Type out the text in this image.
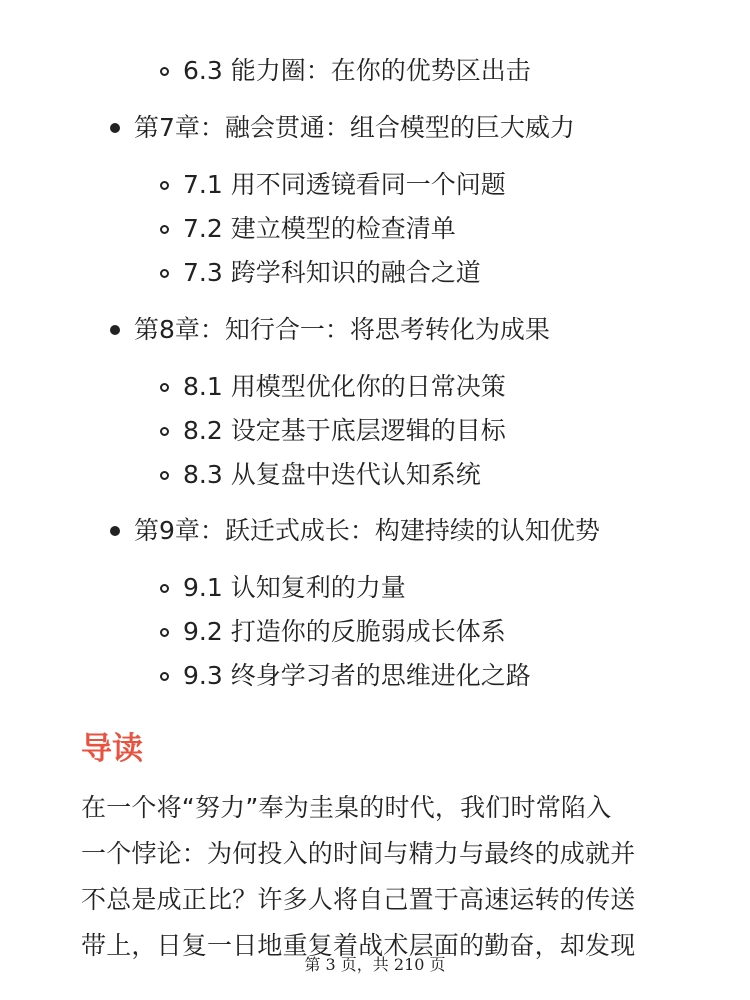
6.3 能力圈：在你的优势区出击
第7章：融会贯通：组合模型的巨大威力
7.1 用不同透镜看同一个问题
7.2 建立模型的检查清单
7.3 跨学科知识的融合之道
第8章：知行合一：将思考转化为成果
8.1 用模型优化你的日常决策
8.2 设定基于底层逻辑的目标
8.3 从复盘中迭代认知系统
第9章：跃迁式成长：构建持续的认知优势
9.1 认知复利的力量
9.2 打造你的反脆弱成长体系
9.3 终身学习者的思维进化之路
导读

在一个将“努力”奉为圭臬的时代，我们时常陷入
一个悖论：为何投入的时间与精力与最终的成就并
不总是成正比？许多人将自己置于高速运转的传送
带上，日复一日地重复着战术层面的勤奋，却发现

第 3 页，共 210 页
